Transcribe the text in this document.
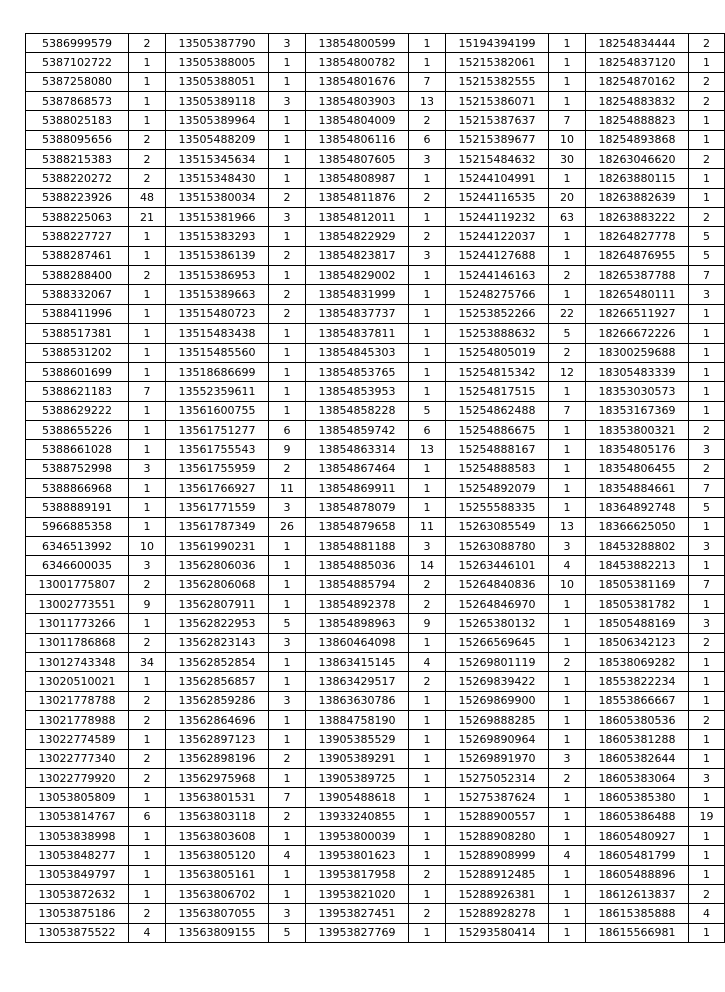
5386999579	2	13505387790	3	13854800599	1	15194394199	1	18254834444	2
5387102722	1	13505388005	1	13854800782	1	15215382061	1	18254837120	1
5387258080	1	13505388051	1	13854801676	7	15215382555	1	18254870162	2
5387868573	1	13505389118	3	13854803903	13	15215386071	1	18254883832	2
5388025183	1	13505389964	1	13854804009	2	15215387637	7	18254888823	1
5388095656	2	13505488209	1	13854806116	6	15215389677	10	18254893868	1
5388215383	2	13515345634	1	13854807605	3	15215484632	30	18263046620	2
5388220272	2	13515348430	1	13854808987	1	15244104991	1	18263880115	1
5388223926	48	13515380034	2	13854811876	2	15244116535	20	18263882639	1
5388225063	21	13515381966	3	13854812011	1	15244119232	63	18263883222	2
5388227727	1	13515383293	1	13854822929	2	15244122037	1	18264827778	5
5388287461	1	13515386139	2	13854823817	3	15244127688	1	18264876955	5
5388288400	2	13515386953	1	13854829002	1	15244146163	2	18265387788	7
5388332067	1	13515389663	2	13854831999	1	15248275766	1	18265480111	3
5388411996	1	13515480723	2	13854837737	1	15253852266	22	18266511927	1
5388517381	1	13515483438	1	13854837811	1	15253888632	5	18266672226	1
5388531202	1	13515485560	1	13854845303	1	15254805019	2	18300259688	1
5388601699	1	13518686699	1	13854853765	1	15254815342	12	18305483339	1
5388621183	7	13552359611	1	13854853953	1	15254817515	1	18353030573	1
5388629222	1	13561600755	1	13854858228	5	15254862488	7	18353167369	1
5388655226	1	13561751277	6	13854859742	6	15254886675	1	18353800321	2
5388661028	1	13561755543	9	13854863314	13	15254888167	1	18354805176	3
5388752998	3	13561755959	2	13854867464	1	15254888583	1	18354806455	2
5388866968	1	13561766927	11	13854869911	1	15254892079	1	18354884661	7
5388889191	1	13561771559	3	13854878079	1	15255588335	1	18364892748	5
5966885358	1	13561787349	26	13854879658	11	15263085549	13	18366625050	1
6346513992	10	13561990231	1	13854881188	3	15263088780	3	18453288802	3
6346600035	3	13562806036	1	13854885036	14	15263446101	4	18453882213	1
13001775807	2	13562806068	1	13854885794	2	15264840836	10	18505381169	7
13002773551	9	13562807911	1	13854892378	2	15264846970	1	18505381782	1
13011773266	1	13562822953	5	13854898963	9	15265380132	1	18505488169	3
13011786868	2	13562823143	3	13860464098	1	15266569645	1	18506342123	2
13012743348	34	13562852854	1	13863415145	4	15269801119	2	18538069282	1
13020510021	1	13562856857	1	13863429517	2	15269839422	1	18553822234	1
13021778788	2	13562859286	3	13863630786	1	15269869900	1	18553866667	1
13021778988	2	13562864696	1	13884758190	1	15269888285	1	18605380536	2
13022774589	1	13562897123	1	13905385529	1	15269890964	1	18605381288	1
13022777340	2	13562898196	2	13905389291	1	15269891970	3	18605382644	1
13022779920	2	13562975968	1	13905389725	1	15275052314	2	18605383064	3
13053805809	1	13563801531	7	13905488618	1	15275387624	1	18605385380	1
13053814767	6	13563803118	2	13933240855	1	15288900557	1	18605386488	19
13053838998	1	13563803608	1	13953800039	1	15288908280	1	18605480927	1
13053848277	1	13563805120	4	13953801623	1	15288908999	4	18605481799	1
13053849797	1	13563805161	1	13953817958	2	15288912485	1	18605488896	1
13053872632	1	13563806702	1	13953821020	1	15288926381	1	18612613837	2
13053875186	2	13563807055	3	13953827451	2	15288928278	1	18615385888	4
13053875522	4	13563809155	5	13953827769	1	15293580414	1	18615566981	1
